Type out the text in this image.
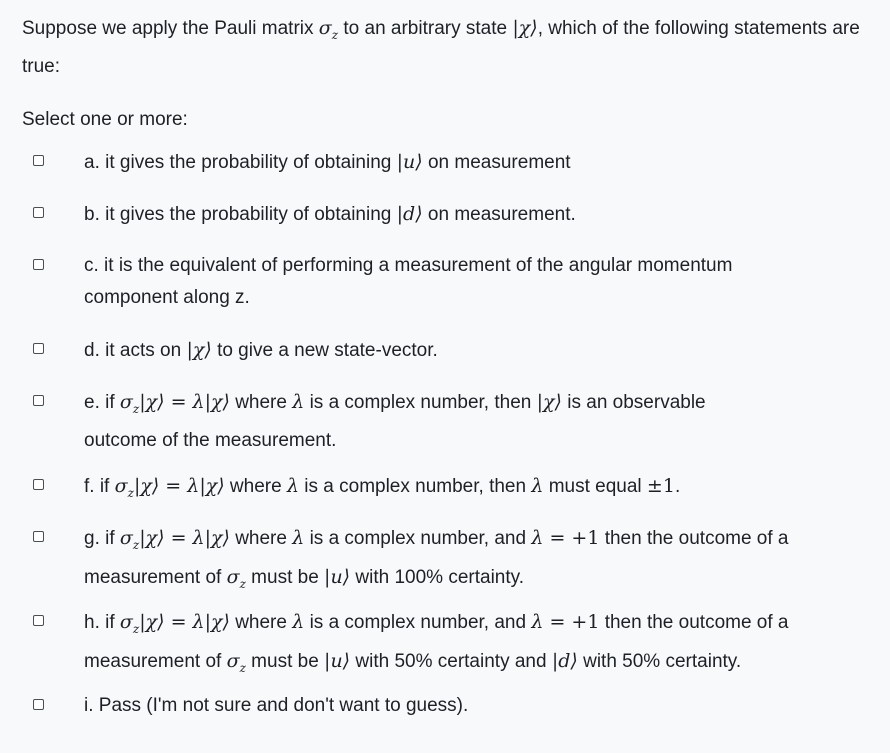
Suppose we apply the Pauli matrix $\sigma_z$ to an arbitrary state |χ⟩, which of the following statements are true:
Select one or more:
a. it gives the probability of obtaining |u⟩ on measurement
b. it gives the probability of obtaining |d⟩ on measurement.
c. it is the equivalent of performing a measurement of the angular momentum component along z.
d. it acts on |χ⟩ to give a new state-vector.
e. if $\sigma_z|\chi⟩$ = λ|χ⟩ where λ is a complex number, then |χ⟩ is an observable outcome of the measurement.
f. if $\sigma_z|\chi⟩$ = λ|χ⟩ where λ is a complex number, then λ must equal ±1.
g. if $\sigma_z|\chi⟩$ = λ|χ⟩ where λ is a complex number, and λ = +1 then the outcome of a measurement of $\sigma_z$ must be |u⟩ with 100% certainty.
h. if $\sigma_z|\chi⟩$ = λ|χ⟩ where λ is a complex number, and λ = +1 then the outcome of a measurement of $\sigma_z$ must be |u⟩ with 50% certainty and |d⟩ with 50% certainty.
i. Pass (I'm not sure and don't want to guess).
